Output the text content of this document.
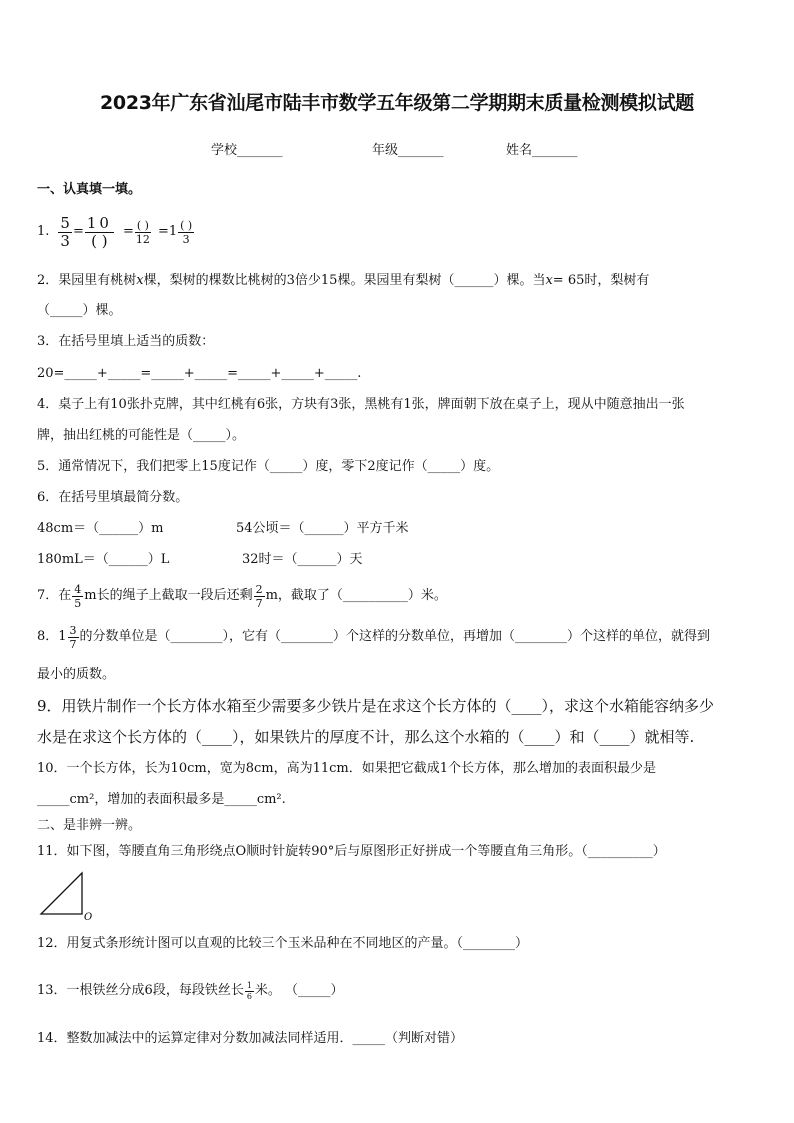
2023年广东省汕尾市陆丰市数学五年级第二学期期末质量检测模拟试题
学校_______	年级_______	姓名_______
一、认真填一填。
1. $\frac{5}{3} = \frac{10}{( )} = \frac{( )}{12} =1 \frac{( )}{3}$
2．果园里有桃树x棵，梨树的棵数比桃树的3倍少15棵。果园里有梨树（______）棵。当x= 65时，梨树有
（_____）棵。
3．在括号里填上适当的质数：
20=_____+_____=_____+_____=_____+_____+_____.
4．桌子上有10张扑克牌，其中红桃有6张，方块有3张，黑桃有1张，牌面朝下放在桌子上，现从中随意抽出一张
牌，抽出红桃的可能性是（_____）。
5．通常情况下，我们把零上15度记作（_____）度，零下2度记作（_____）度。
6．在括号里填最简分数。
48cm＝（______）m	54公顷＝（______）平方千米
180mL＝（______）L	32时＝（______）天
7．在 $\frac{4}{5}$ m长的绳子上截取一段后还剩 $\frac{2}{7}$ m，截取了（__________）米。
8．$1 \frac{3}{7}$ 的分数单位是（________），它有（________）个这样的分数单位，再增加（________）个这样的单位，就得到
最小的质数。
9．用铁片制作一个长方体水箱至少需要多少铁片是在求这个长方体的（____），求这个水箱能容纳多少
水是在求这个长方体的（____），如果铁片的厚度不计，那么这个水箱的（____）和（____）就相等.
10．一个长方体，长为10cm，宽为8cm，高为11cm．如果把它截成1个长方体，那么增加的表面积最少是
_____cm²，增加的表面积最多是_____cm².
二、是非辨一辨。
11．如下图，等腰直角三角形绕点O顺时针旋转90°后与原图形正好拼成一个等腰直角三角形。（__________）
O
12．用复式条形统计图可以直观的比较三个玉米品种在不同地区的产量。（________）
13．一根铁丝分成6段，每段铁丝长 $\frac{1}{6}$ 米。 （_____）
14．整数加减法中的运算定律对分数加减法同样适用．_____（判断对错）
